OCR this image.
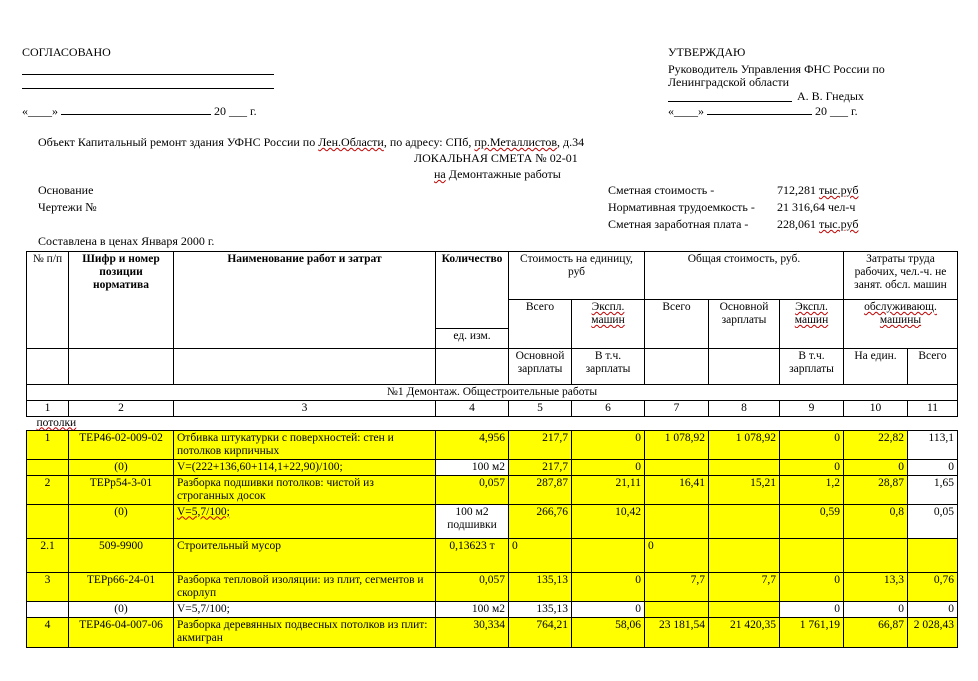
СОГЛАСОВАНО
«____»	20 ___ г.
УТВЕРЖДАЮ
Руководитель Управления ФНС России по
Ленинградской области
А. В. Гнедых
«____»	20 ___ г.
Объект Капитальный ремонт здания УФНС России по Лен.Области, по адресу: СПб, пр.Металлистов, д.34
ЛОКАЛЬНАЯ СМЕТА № 02-01
на Демонтажные работы
Основание
Чертежи №
Составлена в ценах Января 2000 г.
Сметная стоимость -	712,281 тыс.руб
Нормативная трудоемкость - 21 316,64 чел-ч
Сметная заработная плата - 228,061 тыс.руб
№ п/п	Шифр и номер позиции норматива	Наименование работ и затрат	Количество	Стоимость на единицу, руб		Общая стоимость, руб.			Затраты труда рабочих, чел.-ч. не занят. обсл. машин	
				Всего	Экспл. машин	Всего	Основной зарплаты	Экспл. машин	обслуживающ. машины	
			ед. изм.							
				Основной зарплаты	В т.ч. зарплаты			В т.ч. зарплаты	На един.	Всего
№1 Демонтаж. Общестроительные работы										
1	2	3	4	5	6	7	8	9	10	11
потолки										
1	ТЕР46-02-009-02	Отбивка штукатурки с поверхностей: стен и потолков кирпичных	4,956	217,7	0	1 078,92	1 078,92	0	22,82	113,1
	(0)	V=(222+136,60+114,1+22,90)/100;	100 м2	217,7	0			0	0	0
2	ТЕРр54-3-01	Разборка подшивки потолков: чистой из строганных досок	0,057	287,87	21,11	16,41	15,21	1,2	28,87	1,65
	(0)	V=5,7/100;	100 м2 подшивки	266,76	10,42			0,59	0,8	0,05
2.1	509-9900	Строительный мусор	0,13623 т	0		0				
3	ТЕРр66-24-01	Разборка тепловой изоляции: из плит, сегментов и скорлуп	0,057	135,13	0	7,7	7,7	0	13,3	0,76
	(0)	V=5,7/100;	100 м2	135,13	0			0	0	0
4	ТЕР46-04-007-06	Разборка деревянных подвесных потолков из плит: акмигран	30,334	764,21	58,06	23 181,54	21 420,35	1 761,19	66,87	2 028,43
